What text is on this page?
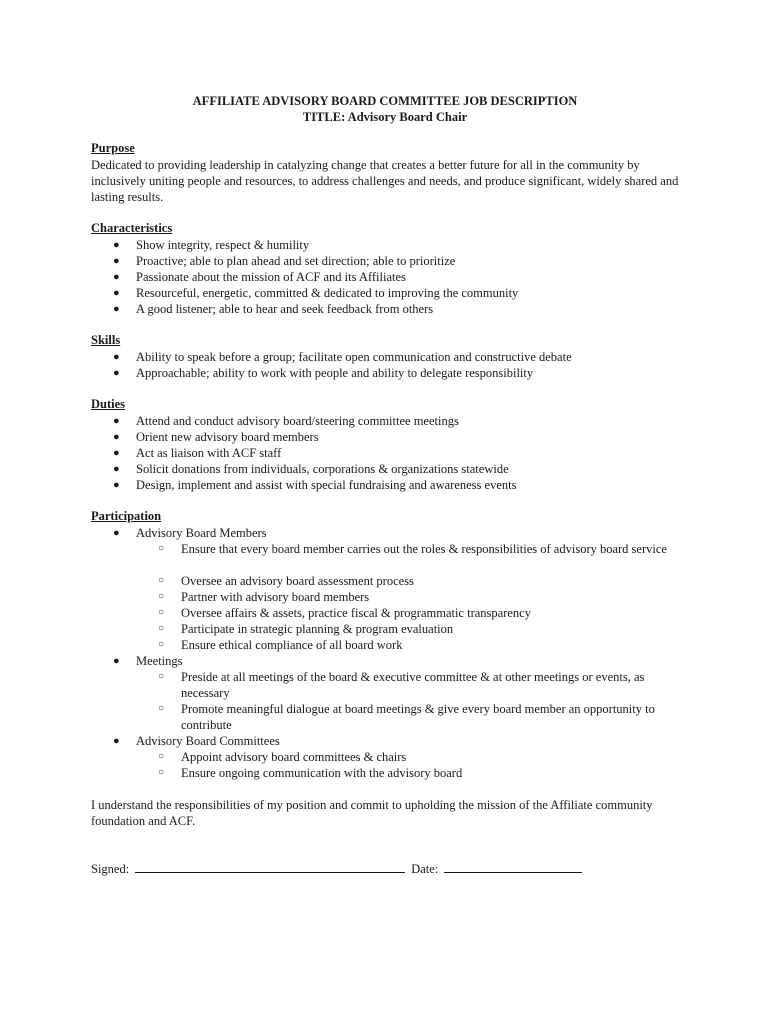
AFFILIATE ADVISORY BOARD COMMITTEE JOB DESCRIPTION
TITLE: Advisory Board Chair
Purpose
Dedicated to providing leadership in catalyzing change that creates a better future for all in the community by inclusively uniting people and resources, to address challenges and needs, and produce significant, widely shared and lasting results.
Characteristics
● Show integrity, respect & humility
● Proactive; able to plan ahead and set direction; able to prioritize
● Passionate about the mission of ACF and its Affiliates
● Resourceful, energetic, committed & dedicated to improving the community
● A good listener; able to hear and seek feedback from others
Skills
● Ability to speak before a group; facilitate open communication and constructive debate
● Approachable; ability to work with people and ability to delegate responsibility
Duties
● Attend and conduct advisory board/steering committee meetings
● Orient new advisory board members
● Act as liaison with ACF staff
● Solicit donations from individuals, corporations & organizations statewide
● Design, implement and assist with special fundraising and awareness events
Participation
● Advisory Board Members
○ Ensure that every board member carries out the roles & responsibilities of advisory board service
○ Oversee an advisory board assessment process
○ Partner with advisory board members
○ Oversee affairs & assets, practice fiscal & programmatic transparency
○ Participate in strategic planning & program evaluation
○ Ensure ethical compliance of all board work
● Meetings
○ Preside at all meetings of the board & executive committee & at other meetings or events, as necessary
○ Promote meaningful dialogue at board meetings & give every board member an opportunity to contribute
● Advisory Board Committees
○ Appoint advisory board committees & chairs
○ Ensure ongoing communication with the advisory board
I understand the responsibilities of my position and commit to upholding the mission of the Affiliate community foundation and ACF.
Signed:	Date:
